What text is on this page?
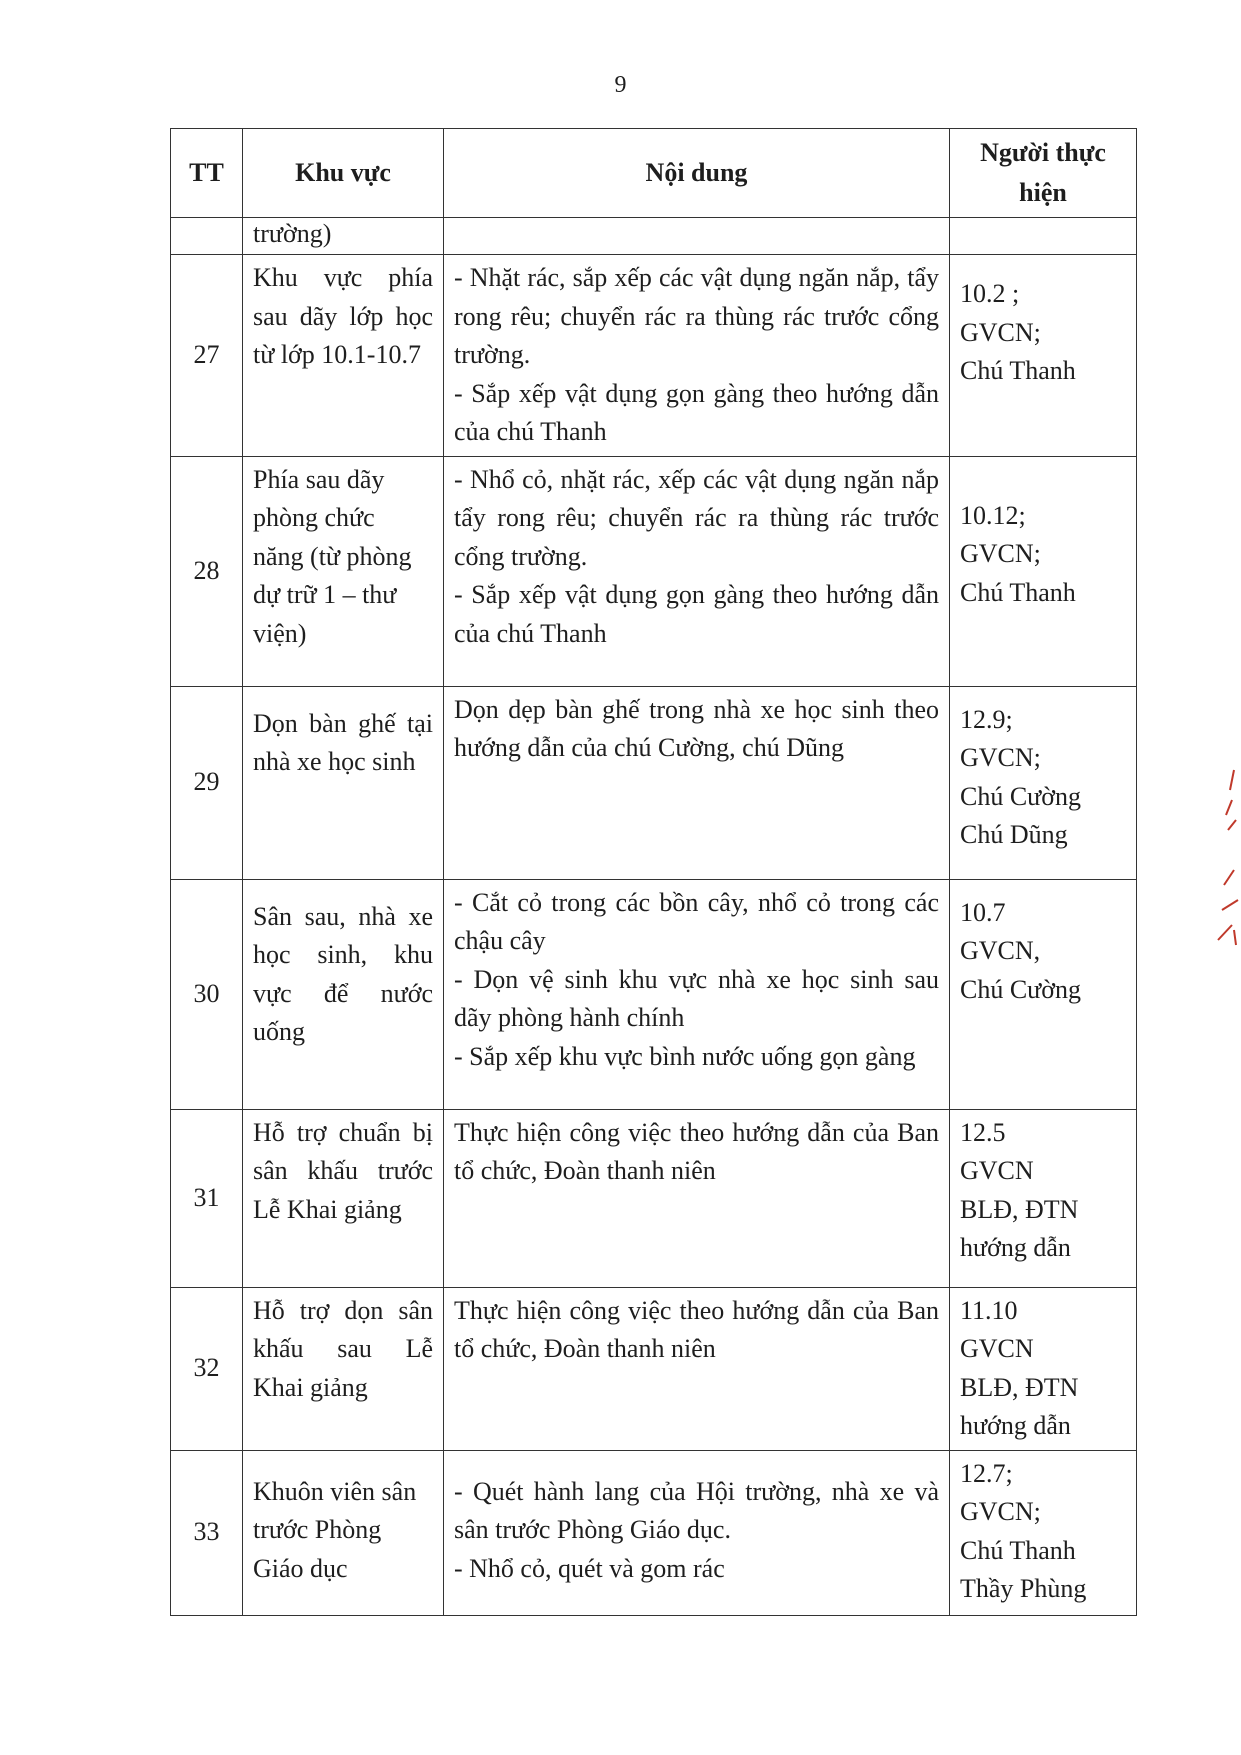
9
TT	Khu vực	Nội dung	Người thực
hiện

	trường)		
27	Khu vực phía sau dãy lớp học từ lớp 10.1-10.7	- Nhặt rác, sắp xếp các vật dụng ngăn nắp, tẩy rong rêu; chuyển rác ra thùng rác trước cổng trường.
- Sắp xếp vật dụng gọn gàng theo hướng dẫn của chú Thanh	10.2 ;
GVCN;
Chú Thanh

28	Phía sau dãy
phòng chức
năng (từ phòng
dự trữ 1 – thư
viện)	- Nhổ cỏ, nhặt rác, xếp các vật dụng ngăn nắp tẩy rong rêu; chuyển rác ra thùng rác trước cổng trường.
- Sắp xếp vật dụng gọn gàng theo hướng dẫn của chú Thanh	10.12;
GVCN;
Chú Thanh

29	Dọn bàn ghế tại nhà xe học sinh	Dọn dẹp bàn ghế trong nhà xe học sinh theo hướng dẫn của chú Cường, chú Dũng	12.9;
GVCN;
Chú Cường
Chú Dũng

30	Sân sau, nhà xe học sinh, khu vực để nước uống	- Cắt cỏ trong các bồn cây, nhổ cỏ trong các chậu cây
- Dọn vệ sinh khu vực nhà xe học sinh sau dãy phòng hành chính
- Sắp xếp khu vực bình nước uống gọn gàng	10.7
GVCN,
Chú Cường

31	Hỗ trợ chuẩn bị sân khấu trước Lễ Khai giảng	Thực hiện công việc theo hướng dẫn của Ban tổ chức, Đoàn thanh niên	12.5
GVCN
BLĐ, ĐTN
hướng dẫn

32	Hỗ trợ dọn sân khấu sau Lễ Khai giảng	Thực hiện công việc theo hướng dẫn của Ban tổ chức, Đoàn thanh niên	11.10
GVCN
BLĐ, ĐTN
hướng dẫn

33	Khuôn viên sân
trước Phòng
Giáo dục	- Quét hành lang của Hội trường, nhà xe và sân trước Phòng Giáo dục.
- Nhổ cỏ, quét và gom rác	12.7;
GVCN;
Chú Thanh
Thầy Phùng
